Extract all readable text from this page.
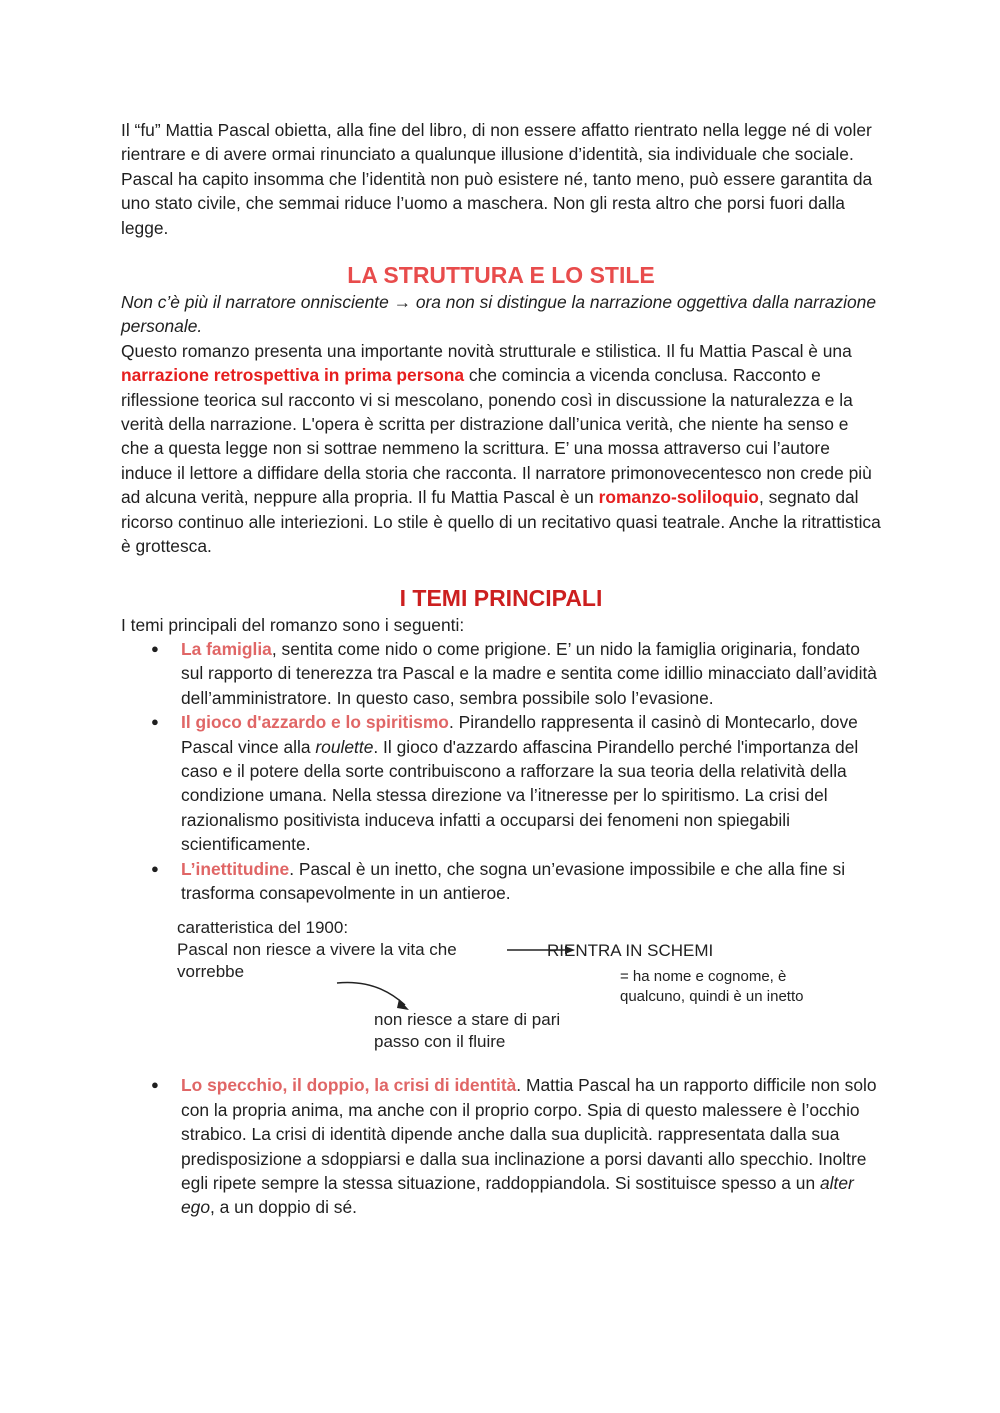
Il “fu” Mattia Pascal obietta, alla fine del libro, di non essere affatto rientrato nella legge né di voler rientrare e di avere ormai rinunciato a qualunque illusione d’identità, sia individuale che sociale. Pascal ha capito insomma che l’identità non può esistere né, tanto meno, può essere garantita da uno stato civile, che semmai riduce l’uomo a maschera. Non gli resta altro che porsi fuori dalla legge.

LA STRUTTURA E LO STILE

Non c’è più il narratore onnisciente → ora non si distingue la narrazione oggettiva dalla narrazione personale.

Questo romanzo presenta una importante novità strutturale e stilistica. Il fu Mattia Pascal è una narrazione retrospettiva in prima persona che comincia a vicenda conclusa. Racconto e riflessione teorica sul racconto vi si mescolano, ponendo così in discussione la naturalezza e la verità della narrazione. L'opera è scritta per distrazione dall’unica verità, che niente ha senso e che a questa legge non si sottrae nemmeno la scrittura. E’ una mossa attraverso cui l’autore induce il lettore a diffidare della storia che racconta. Il narratore primonovecentesco non crede più ad alcuna verità, neppure alla propria. Il fu Mattia Pascal è un romanzo-soliloquio, segnato dal ricorso continuo alle interiezioni. Lo stile è quello di un recitativo quasi teatrale. Anche la ritrattistica è grottesca.

I TEMI PRINCIPALI

I temi principali del romanzo sono i seguenti:

● La famiglia, sentita come nido o come prigione. E’ un nido la famiglia originaria, fondato sul rapporto di tenerezza tra Pascal e la madre e sentita come idillio minacciato dall’avidità dell’amministratore. In questo caso, sembra possibile solo l’evasione.
● Il gioco d'azzardo e lo spiritismo. Pirandello rappresenta il casinò di Montecarlo, dove Pascal vince alla roulette. Il gioco d'azzardo affascina Pirandello perché l'importanza del caso e il potere della sorte contribuiscono a rafforzare la sua teoria della relatività della condizione umana. Nella stessa direzione va l’itneresse per lo spiritismo. La crisi del razionalismo positivista induceva infatti a occuparsi dei fenomeni non spiegabili scientificamente.
● L’inettitudine. Pascal è un inetto, che sogna un’evasione impossibile e che alla fine si trasforma consapevolmente in un antieroe.
caratteristica del 1900:
Pascal non riesce a vivere la vita che vorrebbe
RIENTRA IN SCHEMI
= ha nome e cognome, è qualcuno, quindi è un inetto
non riesce a stare di pari passo con il fluire
● Lo specchio, il doppio, la crisi di identità. Mattia Pascal ha un rapporto difficile non solo con la propria anima, ma anche con il proprio corpo. Spia di questo malessere è l’occhio strabico. La crisi di identità dipende anche dalla sua duplicità. rappresentata dalla sua predisposizione a sdoppiarsi e dalla sua inclinazione a porsi davanti allo specchio. Inoltre egli ripete sempre la stessa situazione, raddoppiandola. Si sostituisce spesso a un alter ego, a un doppio di sé.
